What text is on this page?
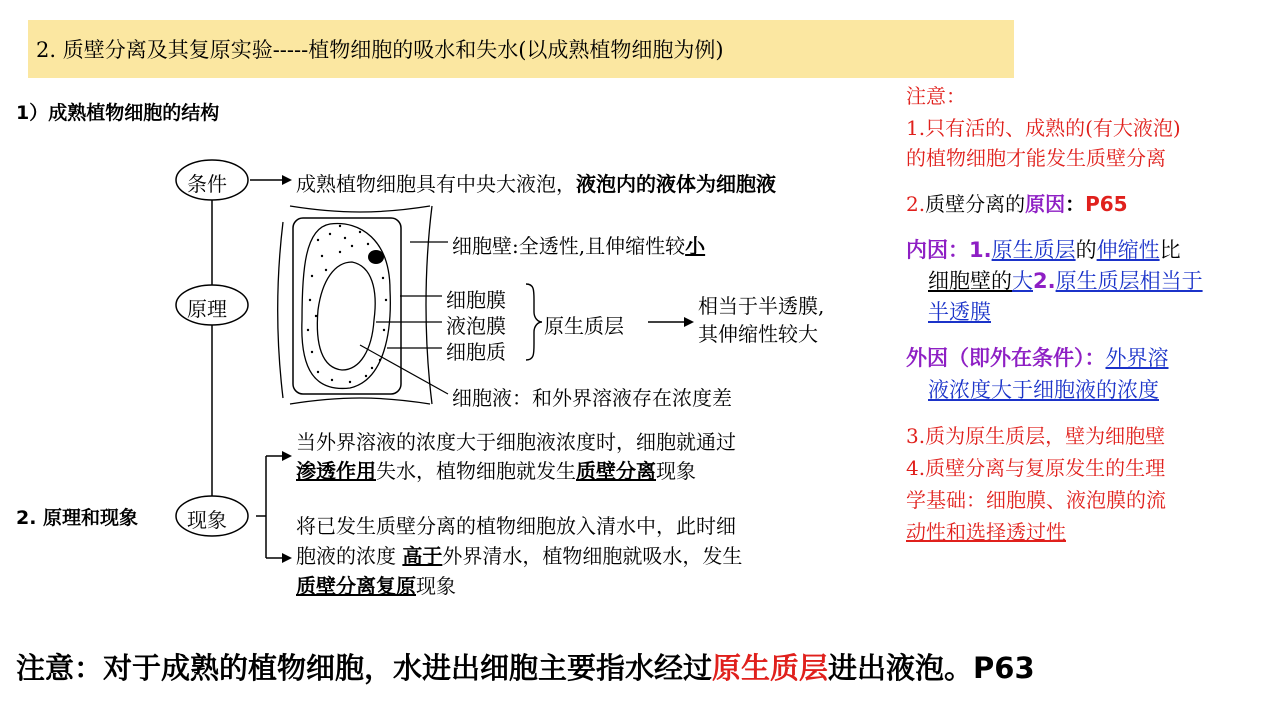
2. 质壁分离及其复原实验-----植物细胞的吸水和失水(以成熟植物细胞为例)
1）成熟植物细胞的结构
2. 原理和现象
条件
原理
现象
成熟植物细胞具有中央大液泡，液泡内的液体为细胞液
细胞壁:全透性,且伸缩性较小
细胞膜
液泡膜
细胞质
原生质层
相当于半透膜,
其伸缩性较大
细胞液：和外界溶液存在浓度差
当外界溶液的浓度大于细胞液浓度时，细胞就通过
渗透作用失水，植物细胞就发生质壁分离现象
将已发生质壁分离的植物细胞放入清水中，此时细
胞液的浓度 高于外界清水，植物细胞就吸水，发生
质壁分离复原现象
注意：
1.只有活的、成熟的(有大液泡)
的植物细胞才能发生质壁分离
2.质壁分离的原因：P65
内因：1.原生质层的伸缩性比
细胞壁的大2.原生质层相当于
半透膜
外因（即外在条件）：外界溶
液浓度大于细胞液的浓度
3.质为原生质层，壁为细胞壁
4.质壁分离与复原发生的生理
学基础：细胞膜、液泡膜的流
动性和选择透过性
注意：对于成熟的植物细胞，水进出细胞主要指水经过原生质层进出液泡。P63
